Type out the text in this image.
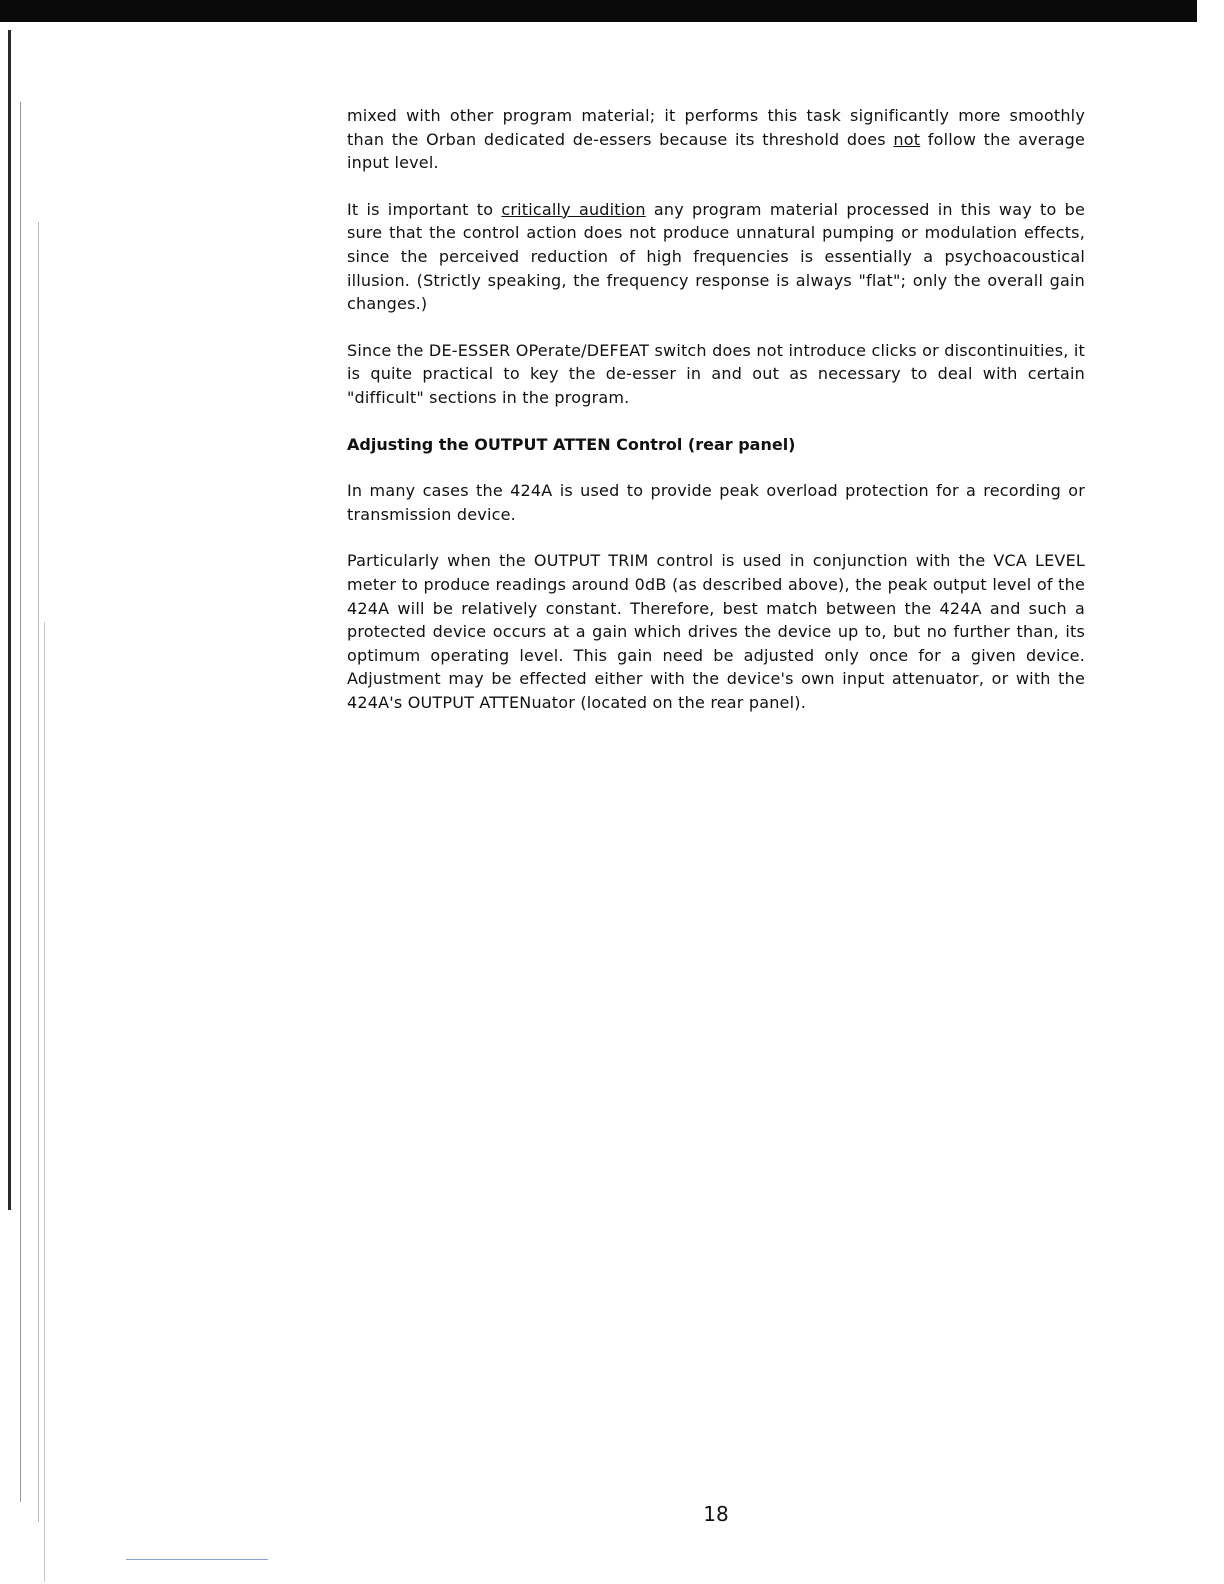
mixed with other program material; it performs this task significantly more smoothly than the Orban dedicated de-essers because its threshold does not follow the average input level.

It is important to critically audition any program material processed in this way to be sure that the control action does not produce unnatural pumping or modulation effects, since the perceived reduction of high frequencies is essentially a psychoacoustical illusion. (Strictly speaking, the frequency response is always "flat"; only the overall gain changes.)

Since the DE-ESSER OPerate/DEFEAT switch does not introduce clicks or discontinuities, it is quite practical to key the de-esser in and out as necessary to deal with certain "difficult" sections in the program.

Adjusting the OUTPUT ATTEN Control (rear panel)

In many cases the 424A is used to provide peak overload protection for a recording or transmission device.

Particularly when the OUTPUT TRIM control is used in conjunction with the VCA LEVEL meter to produce readings around 0dB (as described above), the peak output level of the 424A will be relatively constant. Therefore, best match between the 424A and such a protected device occurs at a gain which drives the device up to, but no further than, its optimum operating level. This gain need be adjusted only once for a given device. Adjustment may be effected either with the device's own input attenuator, or with the 424A's OUTPUT ATTENuator (located on the rear panel).

18
